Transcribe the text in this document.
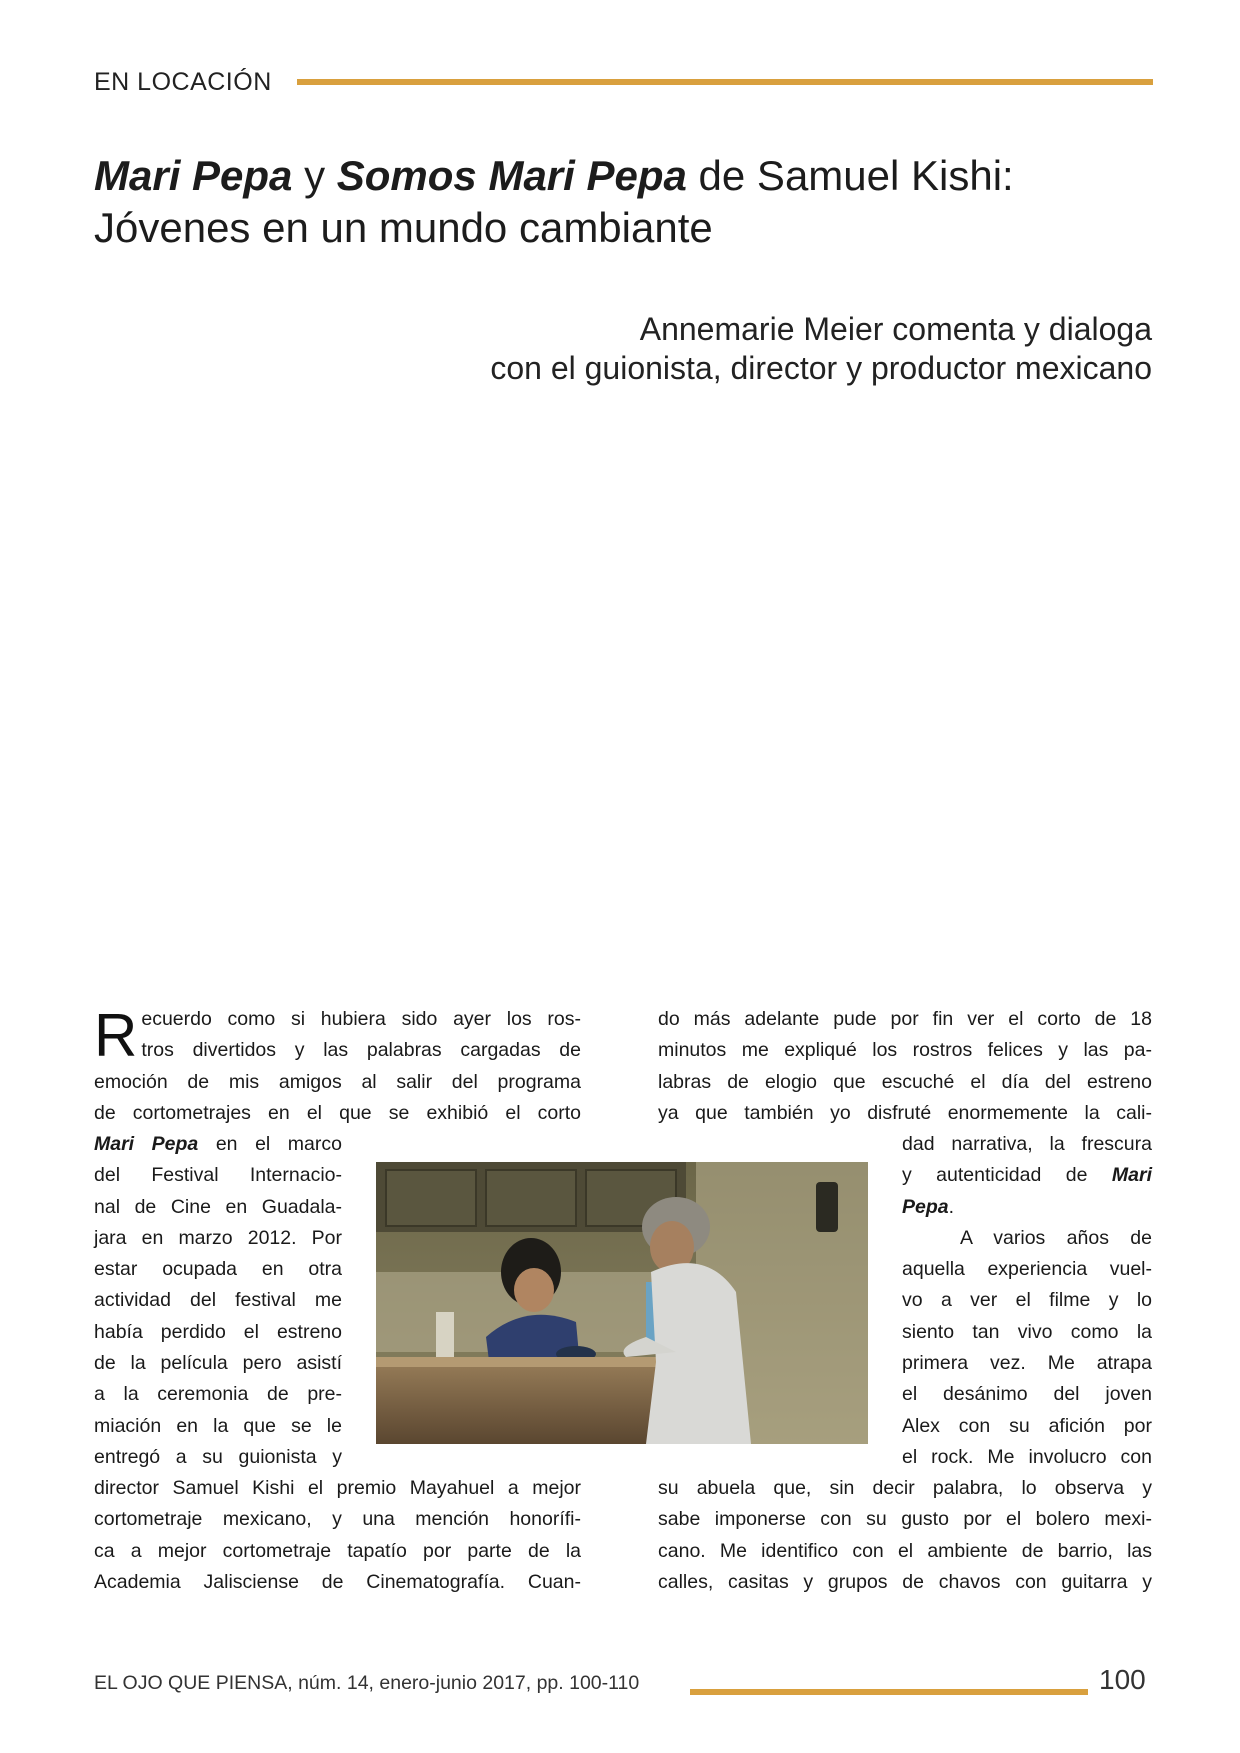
EN LOCACIÓN
Mari Pepa y Somos Mari Pepa de Samuel Kishi:
Jóvenes en un mundo cambiante
Annemarie Meier comenta y dialoga
con el guionista, director y productor mexicano
R ecuerdo como si hubiera sido ayer los ros-
tros divertidos y las palabras cargadas de
emoción de mis amigos al salir del programa
de cortometrajes en el que se exhibió el corto
Mari Pepa en el marco
del Festival Internacio-
nal de Cine en Guadala-
jara en marzo 2012. Por
estar ocupada en otra
actividad del festival me
había perdido el estreno
de la película pero asistí
a la ceremonia de pre-
miación en la que se le
entregó a su guionista y
director Samuel Kishi el premio Mayahuel a mejor
cortometraje mexicano, y una mención honorífi-
ca a mejor cortometraje tapatío por parte de la
Academia Jalisciense de Cinematografía. Cuan-
do más adelante pude por fin ver el corto de 18
minutos me expliqué los rostros felices y las pa-
labras de elogio que escuché el día del estreno
ya que también yo disfruté enormemente la cali-
dad narrativa, la frescura
y autenticidad de Mari
Pepa.
A varios años de
aquella experiencia vuel-
vo a ver el filme y lo
siento tan vivo como la
primera vez. Me atrapa
el desánimo del joven
Alex con su afición por
el rock. Me involucro con
su abuela que, sin decir palabra, lo observa y
sabe imponerse con su gusto por el bolero mexi-
cano. Me identifico con el ambiente de barrio, las
calles, casitas y grupos de chavos con guitarra y
EL OJO QUE PIENSA, núm. 14, enero-junio 2017, pp. 100-110	100
